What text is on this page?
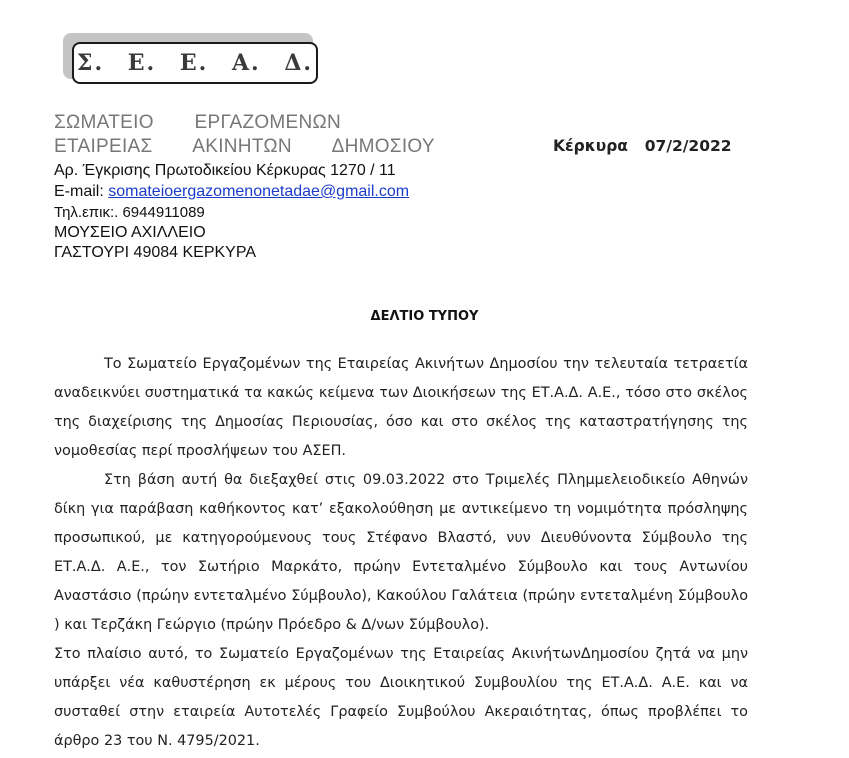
Σ. Ε. Ε. Α. Δ.
ΣΩΜΑΤΕΙΟ   ΕΡΓΑΖΟΜΕΝΩΝ
ΕΤΑΙΡΕΙΑΣ   ΑΚΙΝΗΤΩΝ   ΔΗΜΟΣΙΟΥ	Κέρκυρα  07/2/2022
Αρ. Έγκρισης Πρωτοδικείου Κέρκυρας 1270 / 11
E-mail: somateioergazomenonetadae@gmail.com
Τηλ.επικ:. 6944911089
ΜΟΥΣΕΙΟ ΑΧΙΛΛΕΙΟ
ΓΑΣΤΟΥΡΙ 49084 ΚΕΡΚΥΡΑ
ΔΕΛΤΙΟ ΤΥΠΟΥ

Το Σωματείο Εργαζομένων της Εταιρείας Ακινήτων Δημοσίου την τελευταία τετραετία αναδεικνύει συστηματικά τα κακώς κείμενα των Διοικήσεων της ΕΤ.Α.Δ. Α.Ε., τόσο στο σκέλος της διαχείρισης της Δημοσίας Περιουσίας, όσο και στο σκέλος της καταστρατήγησης της νομοθεσίας περί προσλήψεων του ΑΣΕΠ.

Στη βάση αυτή θα διεξαχθεί στις 09.03.2022 στο Τριμελές Πλημμελειοδικείο Αθηνών δίκη για παράβαση καθήκοντος κατ’ εξακολούθηση με αντικείμενο τη νομιμότητα πρόσληψης προσωπικού, με κατηγορούμενους τους Στέφανο Βλαστό, νυν Διευθύνοντα Σύμβουλο της ΕΤ.Α.Δ. Α.Ε., τον Σωτήριο Μαρκάτο, πρώην Εντεταλμένο Σύμβουλο και τους Αντωνίου Αναστάσιο (πρώην εντεταλμένο Σύμβουλο), Κακούλου Γαλάτεια (πρώην εντεταλμένη Σύμβουλο ) και Τερζάκη Γεώργιο (πρώην Πρόεδρο & Δ/νων Σύμβουλο).

Στο πλαίσιο αυτό, το Σωματείο Εργαζομένων της Εταιρείας ΑκινήτωνΔημοσίου ζητά να μην υπάρξει νέα καθυστέρηση εκ μέρους του Διοικητικού Συμβουλίου της ΕΤ.Α.Δ. Α.Ε. και να συσταθεί στην εταιρεία Αυτοτελές Γραφείο Συμβούλου Ακεραιότητας, όπως προβλέπει το άρθρο 23 του Ν. 4795/2021.
